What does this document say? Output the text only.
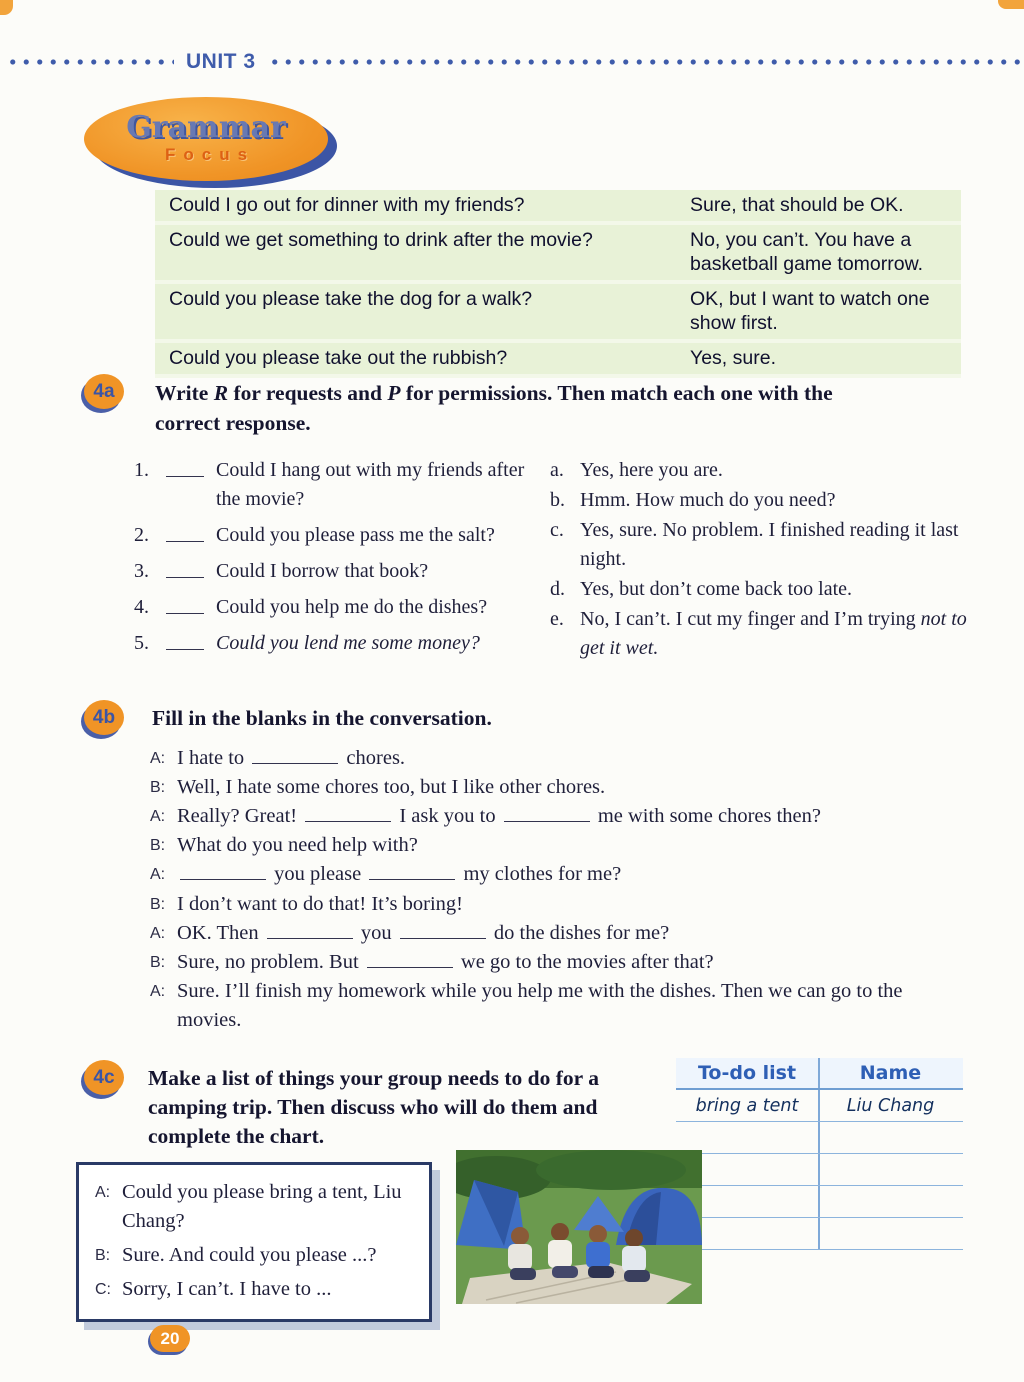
UNIT 3
Grammar
Focus
Could I go out for dinner with my friends?	Sure, that should be OK.
Could we get something to drink after the movie?	No, you can’t. You have a basketball game tomorrow.
Could you please take the dog for a walk?	OK, but I want to watch one show first.
Could you please take out the rubbish?	Yes, sure.
4a	Write R for requests and P for permissions. Then match each one with the correct response.
1.	Could I hang out with my friends after the movie?
2.	Could you please pass me the salt?
3.	Could I borrow that book?
4.	Could you help me do the dishes?
5.	Could you lend me some money?
a. Yes, here you are.
b. Hmm. How much do you need?
c. Yes, sure. No problem. I finished reading it last night.
d. Yes, but don’t come back too late.
e. No, I can’t. I cut my finger and I’m trying not to get it wet.
4b	Fill in the blanks in the conversation.
A: I hate to	chores.
B: Well, I hate some chores too, but I like other chores.
A: Really? Great!	I ask you to	me with some chores then?
B: What do you need help with?
A:	you please	my clothes for me?
B: I don’t want to do that! It’s boring!
A: OK. Then	you	do the dishes for me?
B: Sure, no problem. But	we go to the movies after that?
A: Sure. I’ll finish my homework while you help me with the dishes. Then we can go to the movies.
4c	Make a list of things your group needs to do for a camping trip. Then discuss who will do them and complete the chart.
To-do list	Name
bring a tent	Liu Chang
A: Could you please bring a tent, Liu Chang?
B: Sure. And could you please ...?
C: Sorry, I can’t. I have to ...
20
